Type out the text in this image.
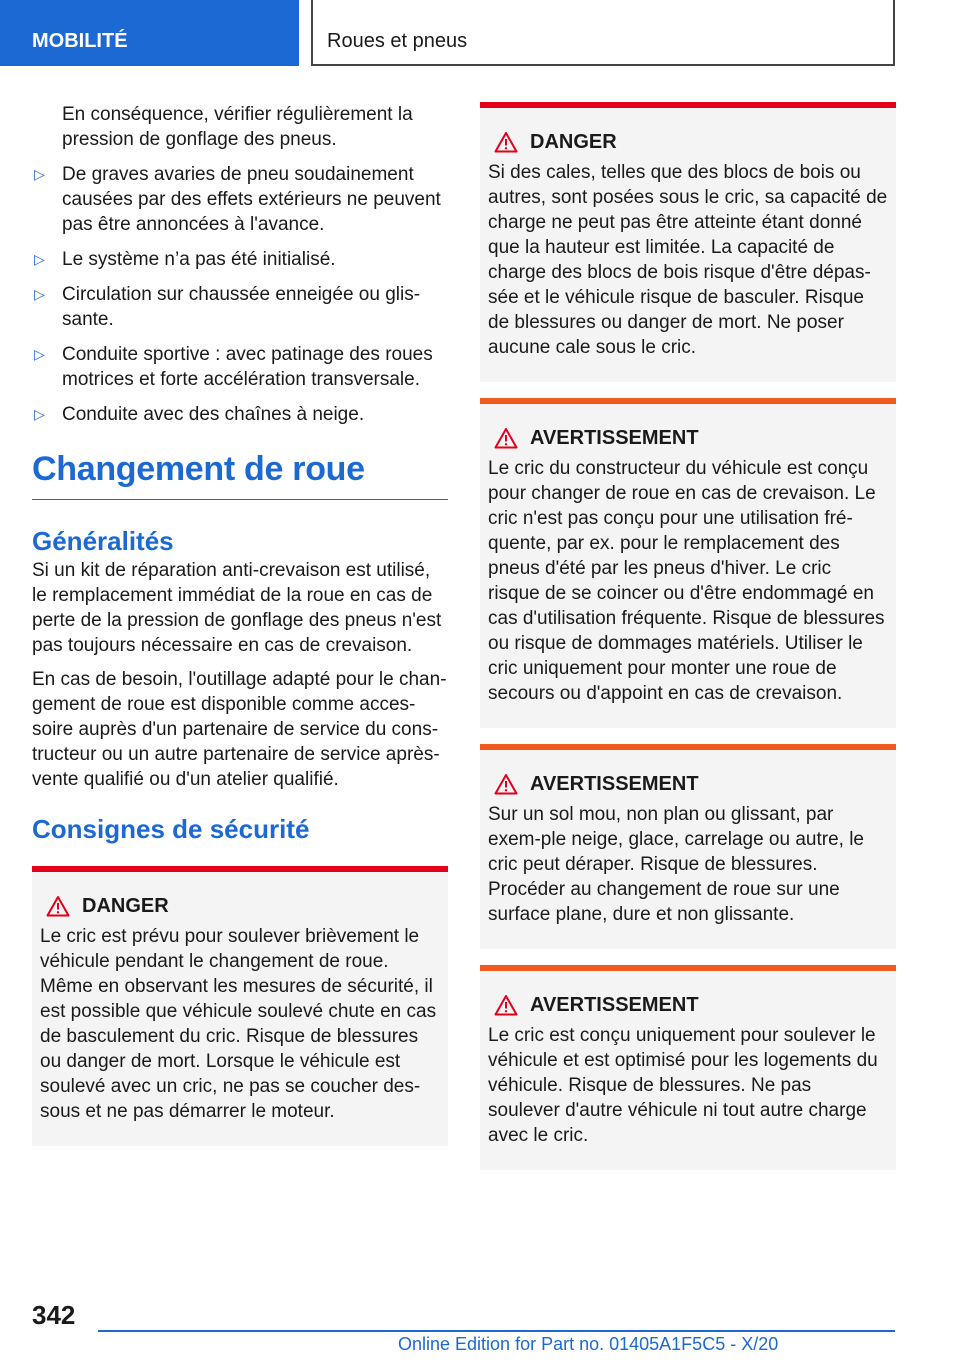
MOBILITÉ	Roues et pneus

En conséquence, vérifier régulièrement la pression de gonflage des pneus.

▷ De graves avaries de pneu soudainement causées par des effets extérieurs ne peuvent pas être annoncées à l'avance.
▷ Le système n’a pas été initialisé.
▷ Circulation sur chaussée enneigée ou glis-sante.
▷ Conduite sportive : avec patinage des roues motrices et forte accélération transversale.
▷ Conduite avec des chaînes à neige.
Changement de roue
Généralités

Si un kit de réparation anti-crevaison est utilisé, le remplacement immédiat de la roue en cas de perte de la pression de gonflage des pneus n'est pas toujours nécessaire en cas de crevaison.

En cas de besoin, l'outillage adapté pour le chan-gement de roue est disponible comme acces-soire auprès d'un partenaire de service du cons-tructeur ou un autre partenaire de service après-vente qualifié ou d'un atelier qualifié.

Consignes de sécurité
DANGER

Le cric est prévu pour soulever brièvement le véhicule pendant le changement de roue. Même en observant les mesures de sécurité, il est possible que véhicule soulevé chute en cas de basculement du cric. Risque de blessures ou danger de mort. Lorsque le véhicule est soulevé avec un cric, ne pas se coucher des-sous et ne pas démarrer le moteur.

DANGER

Si des cales, telles que des blocs de bois ou autres, sont posées sous le cric, sa capacité de charge ne peut pas être atteinte étant donné que la hauteur est limitée. La capacité de charge des blocs de bois risque d'être dépas-sée et le véhicule risque de basculer. Risque de blessures ou danger de mort. Ne poser aucune cale sous le cric.

AVERTISSEMENT

Le cric du constructeur du véhicule est conçu pour changer de roue en cas de crevaison. Le cric n'est pas conçu pour une utilisation fré-quente, par ex. pour le remplacement des pneus d'été par les pneus d'hiver. Le cric risque de se coincer ou d'être endommagé en cas d'utilisation fréquente. Risque de blessures ou risque de dommages matériels. Utiliser le cric uniquement pour monter une roue de secours ou d'appoint en cas de crevaison.

AVERTISSEMENT

Sur un sol mou, non plan ou glissant, par exem-ple neige, glace, carrelage ou autre, le cric peut déraper. Risque de blessures. Procéder au changement de roue sur une surface plane, dure et non glissante.

AVERTISSEMENT

Le cric est conçu uniquement pour soulever le véhicule et est optimisé pour les logements du véhicule. Risque de blessures. Ne pas soulever d'autre véhicule ni tout autre charge avec le cric.

342
Online Edition for Part no. 01405A1F5C5 - X/20
